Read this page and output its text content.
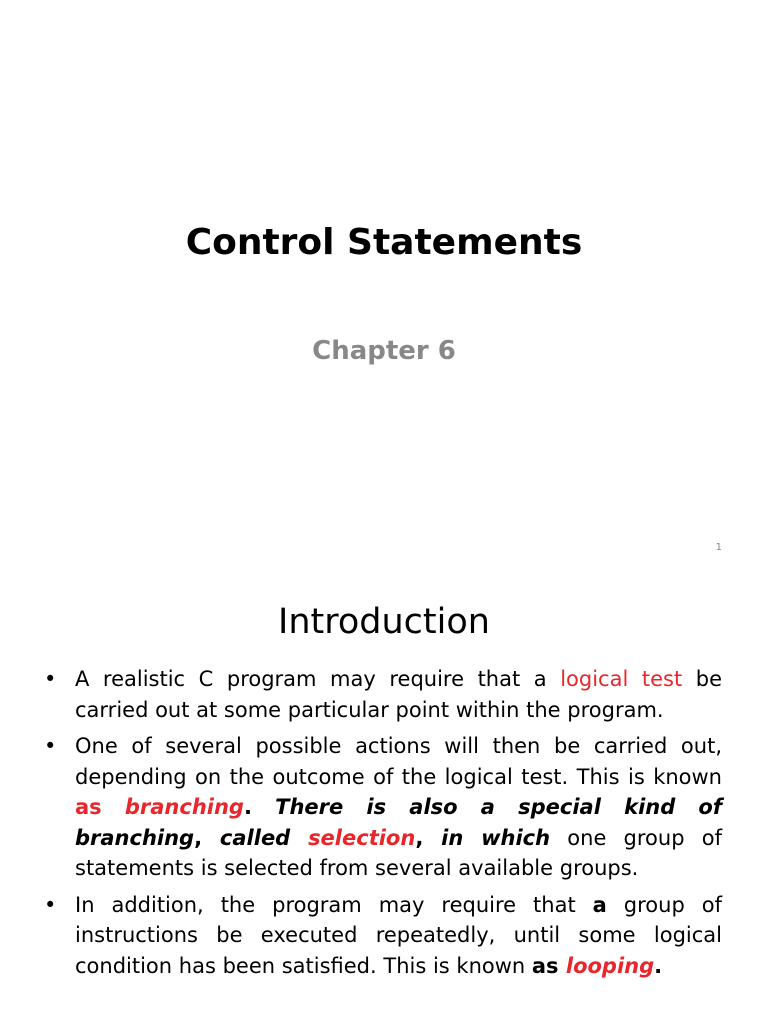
Control Statements
Chapter 6
1
Introduction
• A realistic C program may require that a logical test be carried out at some particular point within the program.
• One of several possible actions will then be carried out, depending on the outcome of the logical test. This is known as branching. There is also a special kind of branching, called selection, in which one group of statements is selected from several available groups.
• In addition, the program may require that a group of instructions be executed repeatedly, until some logical condition has been satisfied. This is known as looping.
